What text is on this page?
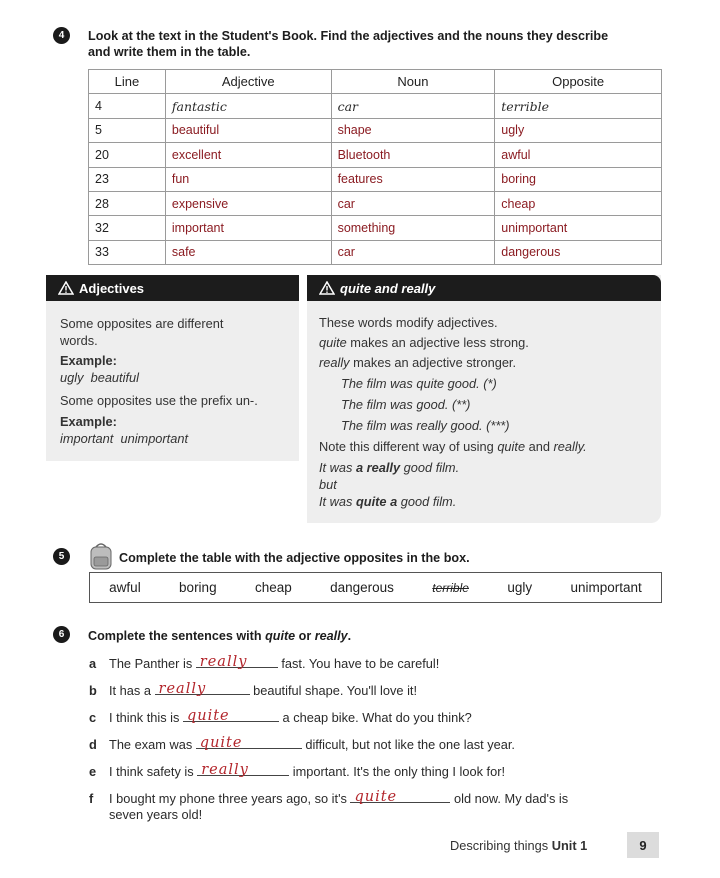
4	Look at the text in the Student's Book. Find the adjectives and the nouns they describe
and write them in the table.
Line	Adjective	Noun	Opposite
4	fantastic	car	terrible
5	beautiful	shape	ugly
20	excellent	Bluetooth	awful
23	fun	features	boring
28	expensive	car	cheap
32	important	something	unimportant
33	safe	car	dangerous
Adjectives
Some opposites are different
words.
Example:
ugly  beautiful
Some opposites use the prefix un-.
Example:
important  unimportant
quite and really
These words modify adjectives.
quite makes an adjective less strong.
really makes an adjective stronger.
The film was quite good. (*)
The film was good. (**)
The film was really good. (***)
Note this different way of using quite and really.
It was a really good film.
but
It was quite a good film.
5	Complete the table with the adjective opposites in the box.
awful	boring	cheap	dangerous	terrible	ugly	unimportant
6	Complete the sentences with quite or really.
a The Panther is really fast. You have to be careful!
b It has a really	beautiful shape. You'll love it!
c I think this is quite	a cheap bike. What do you think?
d The exam was quite	difficult, but not like the one last year.
e I think safety is really	important. It's the only thing I look for!
f I bought my phone three years ago, so it's quite	old now. My dad's is
seven years old!
Describing things Unit 1	9
